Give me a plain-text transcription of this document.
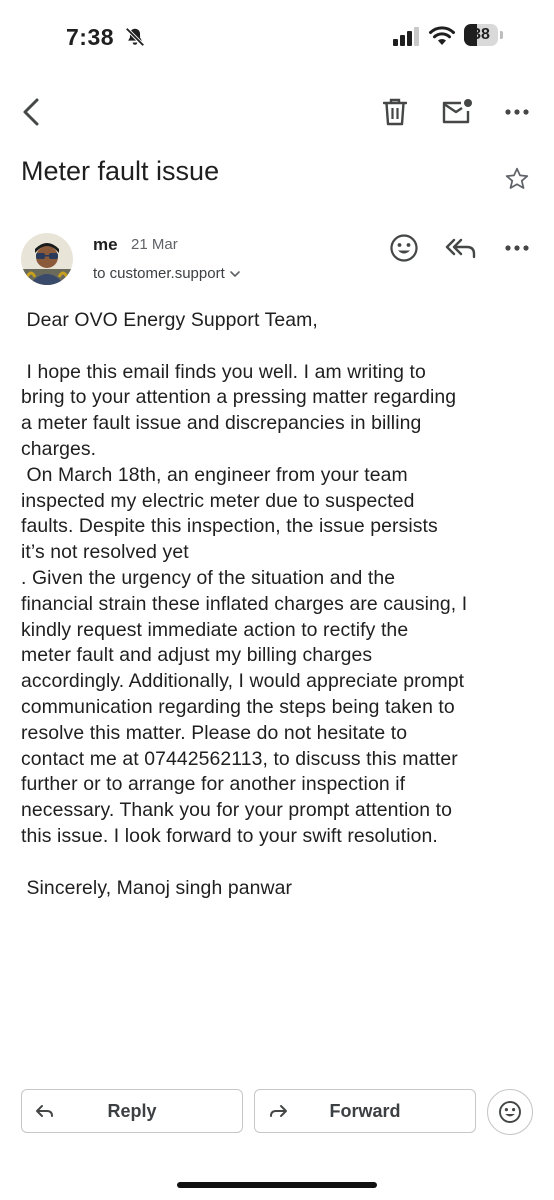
7:38	38
Meter fault issue
me 21 Mar
to customer.support
Dear OVO Energy Support Team,

I hope this email finds you well. I am writing to
bring to your attention a pressing matter regarding
a meter fault issue and discrepancies in billing
charges.
On March 18th, an engineer from your team
inspected my electric meter due to suspected
faults. Despite this inspection, the issue persists
it’s not resolved yet
. Given the urgency of the situation and the
financial strain these inflated charges are causing, I
kindly request immediate action to rectify the
meter fault and adjust my billing charges
accordingly. Additionally, I would appreciate prompt
communication regarding the steps being taken to
resolve this matter. Please do not hesitate to
contact me at 07442562113, to discuss this matter
further or to arrange for another inspection if
necessary. Thank you for your prompt attention to
this issue. I look forward to your swift resolution.

Sincerely, Manoj singh panwar
Reply	Forward
